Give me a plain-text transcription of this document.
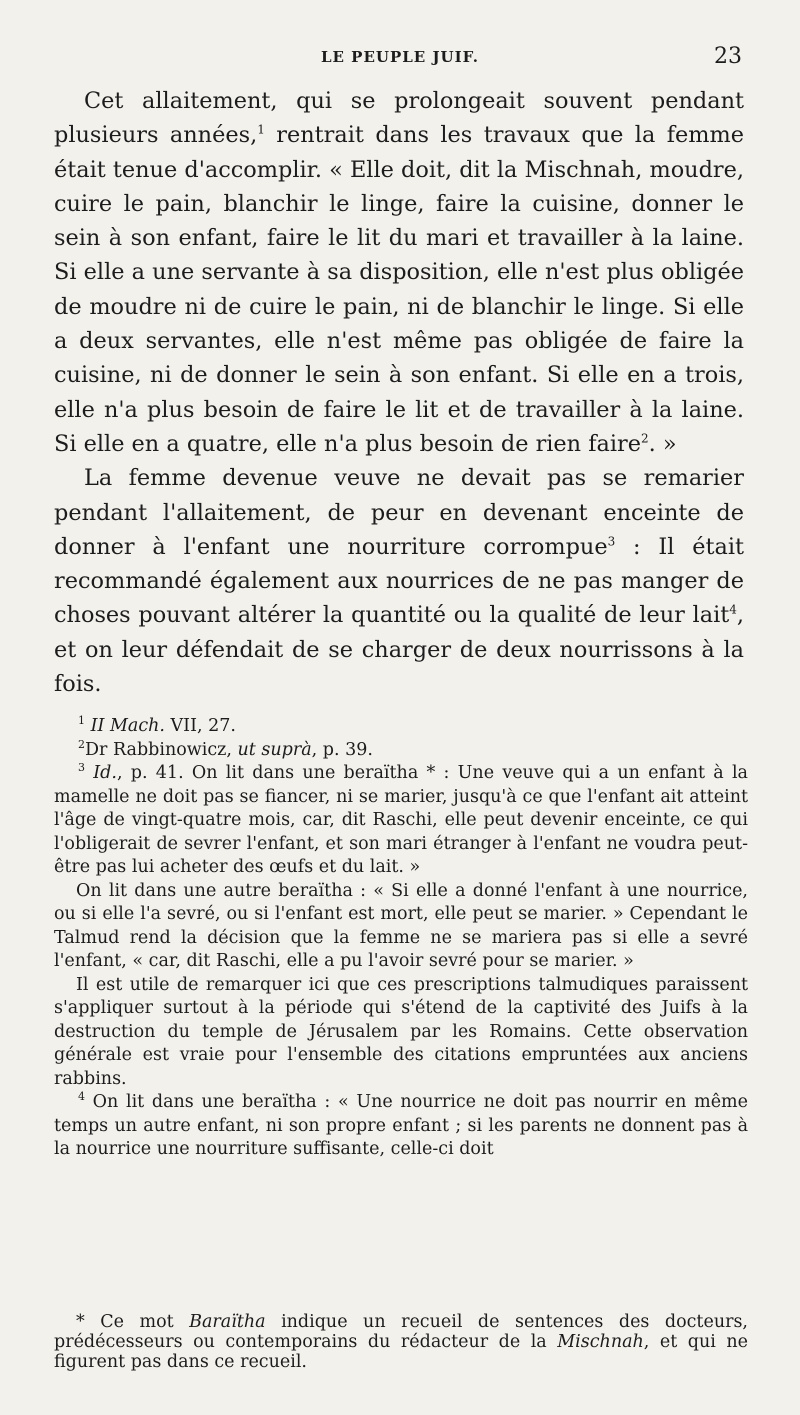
LE PEUPLE JUIF.	23

Cet allaitement, qui se prolongeait souvent pendant plusieurs années,$^1$ rentrait dans les travaux que la femme était tenue d'accomplir. « Elle doit, dit la Mischnah, moudre, cuire le pain, blanchir le linge, faire la cuisine, donner le sein à son enfant, faire le lit du mari et travailler à la laine. Si elle a une servante à sa disposition, elle n'est plus obligée de moudre ni de cuire le pain, ni de blanchir le linge. Si elle a deux servantes, elle n'est même pas obligée de faire la cuisine, ni de donner le sein à son enfant. Si elle en a trois, elle n'a plus besoin de faire le lit et de travailler à la laine. Si elle en a quatre, elle n'a plus besoin de rien faire$^2$. »

La femme devenue veuve ne devait pas se remarier pendant l'allaitement, de peur en devenant enceinte de donner à l'enfant une nourriture corrompue$^3$ : Il était recommandé également aux nourrices de ne pas manger de choses pouvant altérer la quantité ou la qualité de leur lait$^4$, et on leur défendait de se charger de deux nourrissons à la fois.

$^1$ II Mach. VII, 27.

$^2$Dr Rabbinowicz, ut suprà, p. 39.

$^3$ Id., p. 41. On lit dans une beraïtha * : Une veuve qui a un enfant à la mamelle ne doit pas se fiancer, ni se marier, jusqu'à ce que l'enfant ait atteint l'âge de vingt-quatre mois, car, dit Raschi, elle peut devenir enceinte, ce qui l'obligerait de sevrer l'enfant, et son mari étranger à l'enfant ne voudra peut-être pas lui acheter des œufs et du lait. »

On lit dans une autre beraïtha : « Si elle a donné l'enfant à une nourrice, ou si elle l'a sevré, ou si l'enfant est mort, elle peut se marier. » Cependant le Talmud rend la décision que la femme ne se mariera pas si elle a sevré l'enfant, « car, dit Raschi, elle a pu l'avoir sevré pour se marier. »

Il est utile de remarquer ici que ces prescriptions talmudiques paraissent s'appliquer surtout à la période qui s'étend de la captivité des Juifs à la destruction du temple de Jérusalem par les Romains. Cette observation générale est vraie pour l'ensemble des citations empruntées aux anciens rabbins.

$^4$ On lit dans une beraïtha : « Une nourrice ne doit pas nourrir en même temps un autre enfant, ni son propre enfant ; si les parents ne donnent pas à la nourrice une nourriture suffisante, celle-ci doit

* Ce mot Baraïtha indique un recueil de sentences des docteurs, prédécesseurs ou contemporains du rédacteur de la Mischnah, et qui ne figurent pas dans ce recueil.
